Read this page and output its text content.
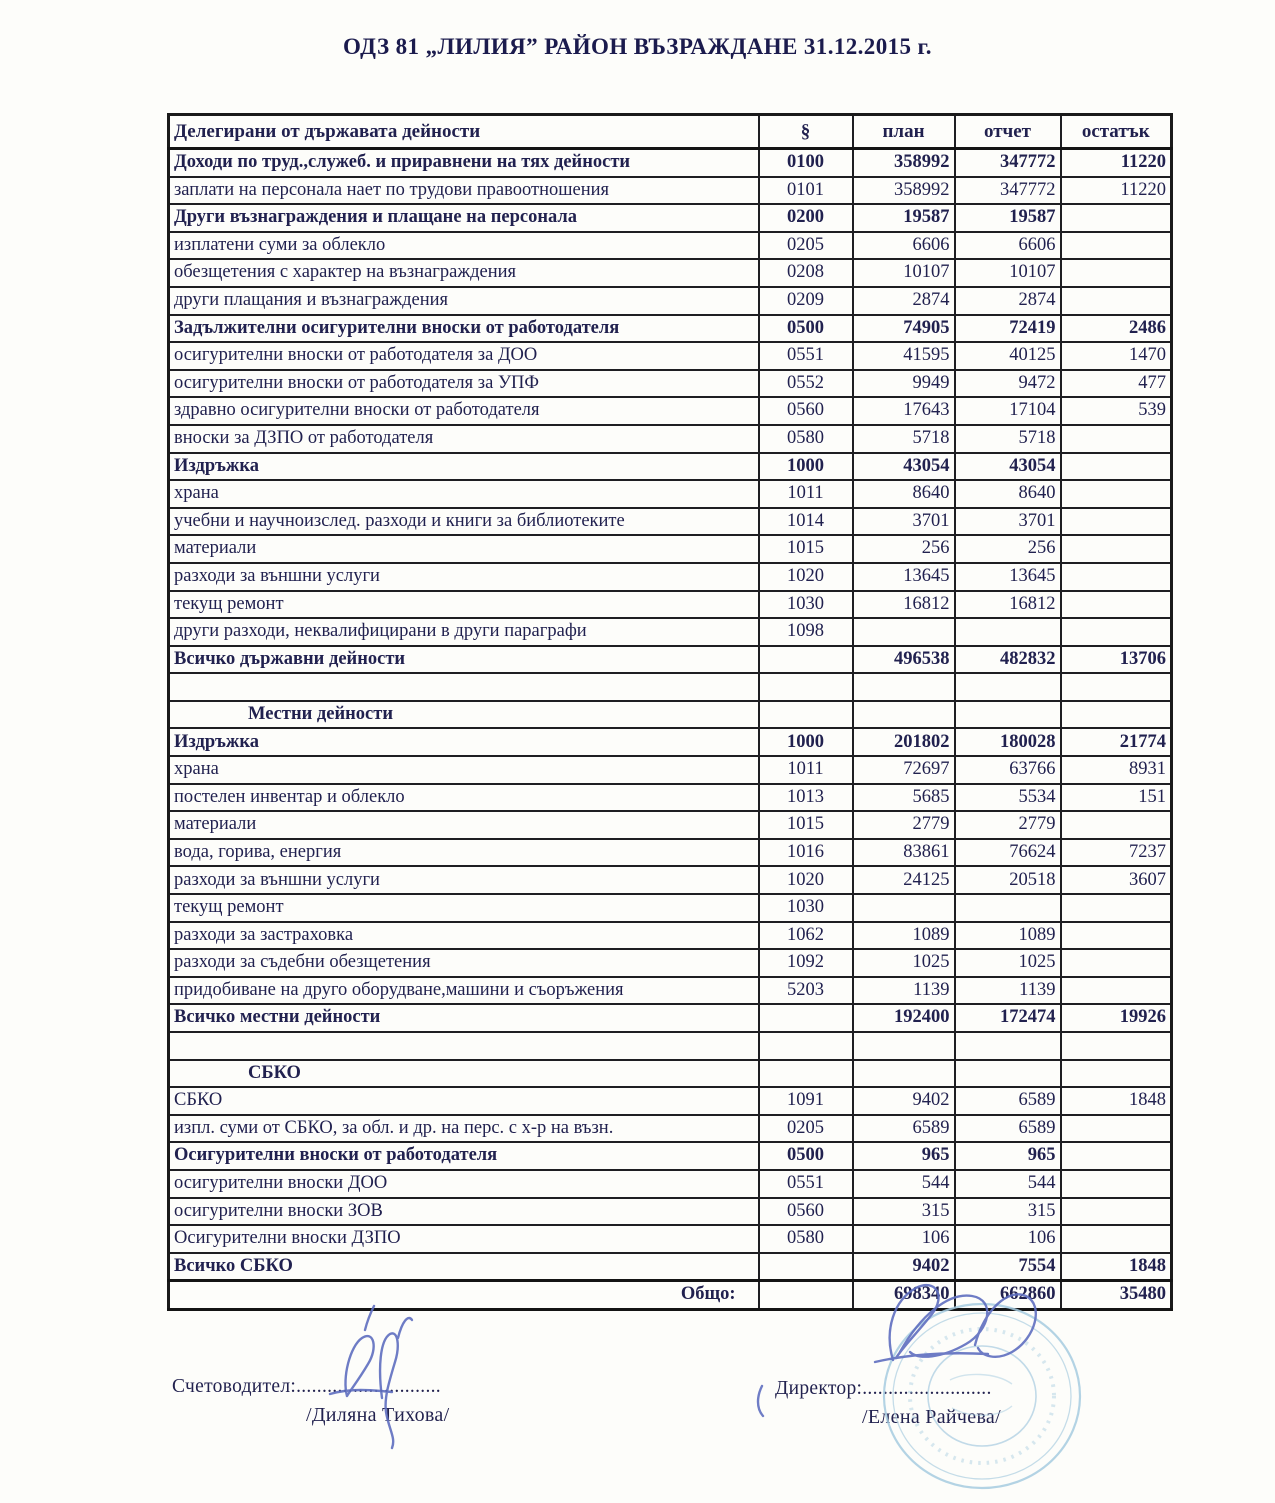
ОДЗ 81 „ЛИЛИЯ” РАЙОН ВЪЗРАЖДАНЕ 31.12.2015 г.
Делегирани от държавата дейности	§	план	отчет	остатък
Доходи по труд.,служеб. и приравнени на тях дейности	0100	358992	347772	11220
заплати на персонала нает по трудови правоотношения	0101	358992	347772	11220
Други възнаграждения и плащане на персонала	0200	19587	19587	
изплатени суми за облекло	0205	6606	6606	
обезщетения с характер на възнаграждения	0208	10107	10107	
други плащания и възнаграждения	0209	2874	2874	
Задължителни осигурителни вноски от работодателя	0500	74905	72419	2486
осигурителни вноски от работодателя за ДОО	0551	41595	40125	1470
осигурителни вноски от работодателя за УПФ	0552	9949	9472	477
здравно осигурителни вноски от работодателя	0560	17643	17104	539
вноски за ДЗПО от работодателя	0580	5718	5718	
Издръжка	1000	43054	43054	
храна	1011	8640	8640	
учебни и научноизслед. разходи и книги за библиотеките	1014	3701	3701	
материали	1015	256	256	
разходи за външни услуги	1020	13645	13645	
текущ ремонт	1030	16812	16812	
други разходи, неквалифицирани в други параграфи	1098			
Всичко държавни дейности		496538	482832	13706

Местни дейности				
Издръжка	1000	201802	180028	21774
храна	1011	72697	63766	8931
постелен инвентар и облекло	1013	5685	5534	151
материали	1015	2779	2779	
вода, горива, енергия	1016	83861	76624	7237
разходи за външни услуги	1020	24125	20518	3607
текущ ремонт	1030			
разходи за застраховка	1062	1089	1089	
разходи за съдебни обезщетения	1092	1025	1025	
придобиване на друго оборудване,машини и съоръжения	5203	1139	1139	
Всичко местни дейности		192400	172474	19926

СБКО				
СБКО	1091	9402	6589	1848
изпл. суми от СБКО, за обл. и др. на перс. с х-р на възн.	0205	6589	6589	
Осигурителни вноски от работодателя	0500	965	965	
осигурителни вноски ДОО	0551	544	544	
осигурителни вноски ЗОВ	0560	315	315	
Осигурителни вноски ДЗПО	0580	106	106	
Всичко СБКО		9402	7554	1848
Общо:		698340	662860	35480
Счетоводител:............................
/Диляна Тихова/
Директор:.........................
/Елена Райчева/
